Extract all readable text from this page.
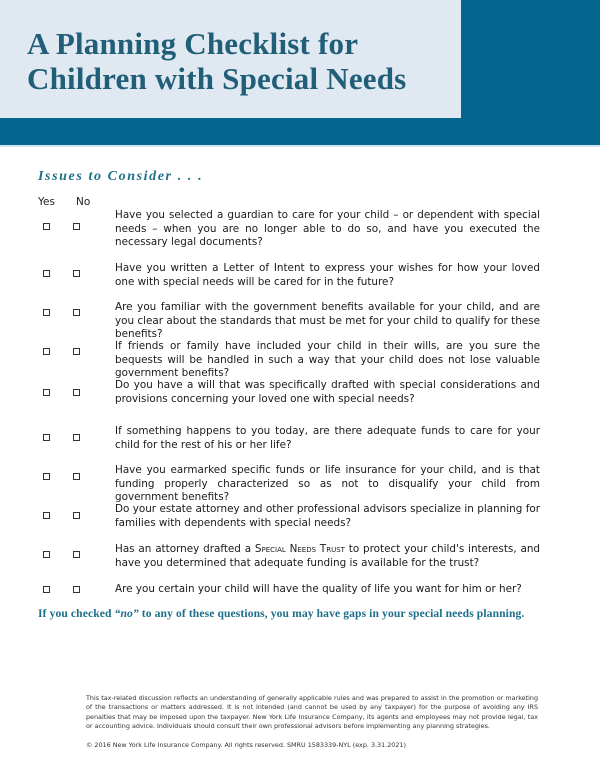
A Planning Checklist for
Children with Special Needs
Issues to Consider . . .
Yes No

Have you selected a guardian to care for your child – or dependent with special needs – when you are no longer able to do so, and have you executed the necessary legal documents?

Have you written a Letter of Intent to express your wishes for how your loved one with special needs will be cared for in the future?

Are you familiar with the government benefits available for your child, and are you clear about the standards that must be met for your child to qualify for these benefits?

If friends or family have included your child in their wills, are you sure the bequests will be handled in such a way that your child does not lose valuable government benefits?

Do you have a will that was specifically drafted with special considerations and provisions concerning your loved one with special needs?

If something happens to you today, are there adequate funds to care for your child for the rest of his or her life?

Have you earmarked specific funds or life insurance for your child, and is that funding properly characterized so as not to disqualify your child from government benefits?

Do your estate attorney and other professional advisors specialize in planning for families with dependents with special needs?

Has an attorney drafted a Special Needs Trust to protect your child's interests, and have you determined that adequate funding is available for the trust?

Are you certain your child will have the quality of life you want for him or her?

If you checked “no” to any of these questions, you may have gaps in your special needs planning.

This tax-related discussion reflects an understanding of generally applicable rules and was prepared to assist in the promotion or marketing of the transactions or matters addressed. It is not intended (and cannot be used by any taxpayer) for the purpose of avoiding any IRS penalties that may be imposed upon the taxpayer. New York Life Insurance Company, its agents and employees may not provide legal, tax or accounting advice. Individuals should consult their own professional advisors before implementing any planning strategies.

© 2016 New York Life Insurance Company. All rights reserved. SMRU 1583339-NYL (exp. 3.31.2021)
